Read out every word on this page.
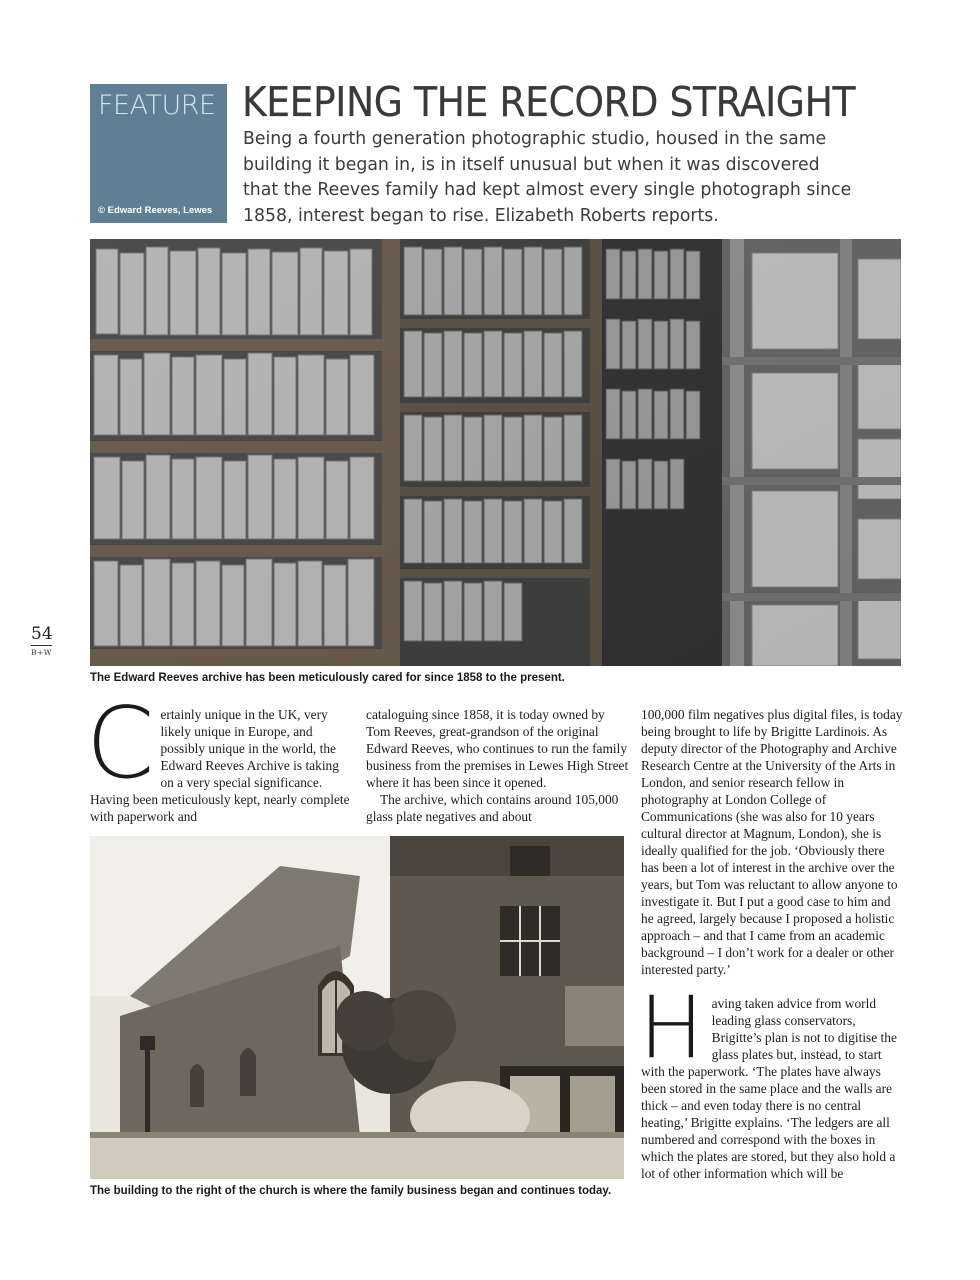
FEATURE
© Edward Reeves, Lewes
KEEPING THE RECORD STRAIGHT
Being a fourth generation photographic studio, housed in the same building it began in, is in itself unusual but when it was discovered that the Reeves family had kept almost every single photograph since 1858, interest began to rise. Elizabeth Roberts reports.
The Edward Reeves archive has been meticulously cared for since 1858 to the present.
54
B+W

C ertainly unique in the UK, very likely unique in Europe, and possibly unique in the world, the Edward Reeves Archive is taking on a very special significance. Having been meticulously kept, nearly complete with paperwork and

cataloguing since 1858, it is today owned by Tom Reeves, great-grandson of the original Edward Reeves, who continues to run the family business from the premises in Lewes High Street where it has been since it opened.

The archive, which contains around 105,000 glass plate negatives and about

The building to the right of the church is where the family business began and continues today.

100,000 film negatives plus digital files, is today being brought to life by Brigitte Lardinois. As deputy director of the Photography and Archive Research Centre at the University of the Arts in London, and senior research fellow in photography at London College of Communications (she was also for 10 years cultural director at Magnum, London), she is ideally qualified for the job. ‘Obviously there has been a lot of interest in the archive over the years, but Tom was reluctant to allow anyone to investigate it. But I put a good case to him and he agreed, largely because I proposed a holistic approach – and that I came from an academic background – I don’t work for a dealer or other interested party.’

H aving taken advice from world leading glass conservators, Brigitte’s plan is not to digitise the glass plates but, instead, to start with the paperwork. ‘The plates have always been stored in the same place and the walls are thick – and even today there is no central heating,’ Brigitte explains. ‘The ledgers are all numbered and correspond with the boxes in which the plates are stored, but they also hold a lot of other information which will be
